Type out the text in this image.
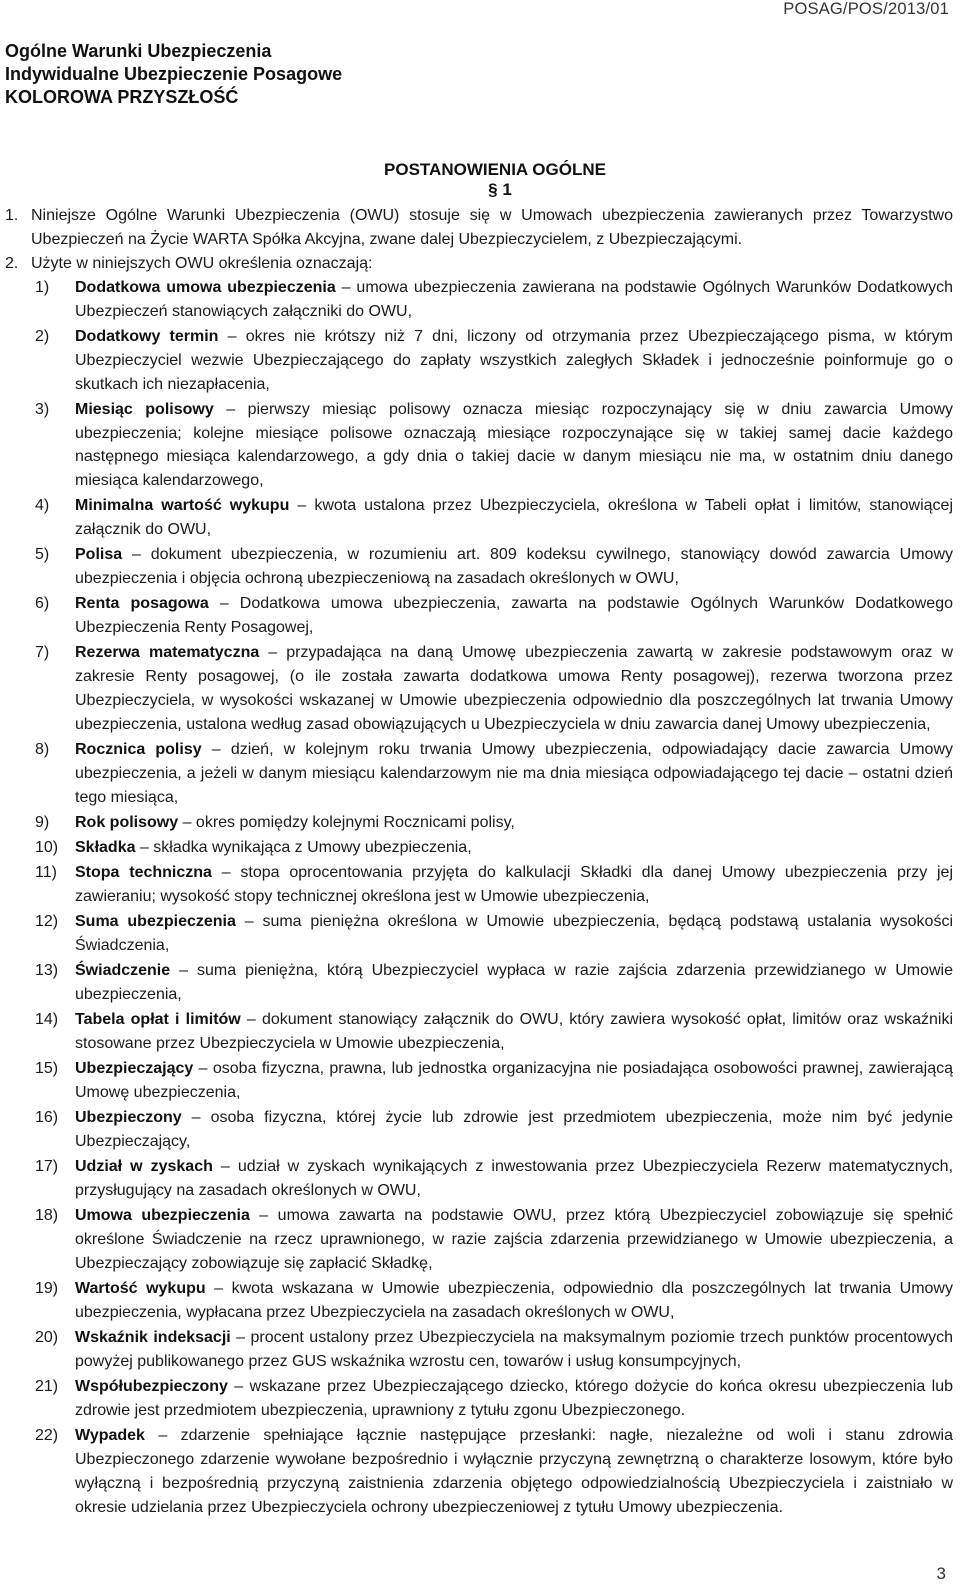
POSAG/POS/2013/01
Ogólne Warunki Ubezpieczenia
Indywidualne Ubezpieczenie Posagowe
KOLOROWA PRZYSZŁOŚĆ
POSTANOWIENIA OGÓLNE
§ 1
1. Niniejsze Ogólne Warunki Ubezpieczenia (OWU) stosuje się w Umowach ubezpieczenia zawieranych przez Towarzystwo Ubezpieczeń na Życie WARTA Spółka Akcyjna, zwane dalej Ubezpieczycielem, z Ubezpieczającymi.
2. Użyte w niniejszych OWU określenia oznaczają:
1) Dodatkowa umowa ubezpieczenia – umowa ubezpieczenia zawierana na podstawie Ogólnych Warunków Dodatkowych Ubezpieczeń stanowiących załączniki do OWU,
2) Dodatkowy termin – okres nie krótszy niż 7 dni, liczony od otrzymania przez Ubezpieczającego pisma, w którym Ubezpieczyciel wezwie Ubezpieczającego do zapłaty wszystkich zaległych Składek i jednocześnie poinformuje go o skutkach ich niezapłacenia,
3) Miesiąc polisowy – pierwszy miesiąc polisowy oznacza miesiąc rozpoczynający się w dniu zawarcia Umowy ubezpieczenia; kolejne miesiące polisowe oznaczają miesiące rozpoczynające się w takiej samej dacie każdego następnego miesiąca kalendarzowego, a gdy dnia o takiej dacie w danym miesiącu nie ma, w ostatnim dniu danego miesiąca kalendarzowego,
4) Minimalna wartość wykupu – kwota ustalona przez Ubezpieczyciela, określona w Tabeli opłat i limitów, stanowiącej załącznik do OWU,
5) Polisa – dokument ubezpieczenia, w rozumieniu art. 809 kodeksu cywilnego, stanowiący dowód zawarcia Umowy ubezpieczenia i objęcia ochroną ubezpieczeniową na zasadach określonych w OWU,
6) Renta posagowa – Dodatkowa umowa ubezpieczenia, zawarta na podstawie Ogólnych Warunków Dodatkowego Ubezpieczenia Renty Posagowej,
7) Rezerwa matematyczna – przypadająca na daną Umowę ubezpieczenia zawartą w zakresie podstawowym oraz w zakresie Renty posagowej, (o ile została zawarta dodatkowa umowa Renty posagowej), rezerwa tworzona przez Ubezpieczyciela, w wysokości wskazanej w Umowie ubezpieczenia odpowiednio dla poszczególnych lat trwania Umowy ubezpieczenia, ustalona według zasad obowiązujących u Ubezpieczyciela w dniu zawarcia danej Umowy ubezpieczenia,
8) Rocznica polisy – dzień, w kolejnym roku trwania Umowy ubezpieczenia, odpowiadający dacie zawarcia Umowy ubezpieczenia, a jeżeli w danym miesiącu kalendarzowym nie ma dnia miesiąca odpowiadającego tej dacie – ostatni dzień tego miesiąca,
9) Rok polisowy – okres pomiędzy kolejnymi Rocznicami polisy,
10) Składka – składka wynikająca z Umowy ubezpieczenia,
11) Stopa techniczna – stopa oprocentowania przyjęta do kalkulacji Składki dla danej Umowy ubezpieczenia przy jej zawieraniu; wysokość stopy technicznej określona jest w Umowie ubezpieczenia,
12) Suma ubezpieczenia – suma pieniężna określona w Umowie ubezpieczenia, będącą podstawą ustalania wysokości Świadczenia,
13) Świadczenie – suma pieniężna, którą Ubezpieczyciel wypłaca w razie zajścia zdarzenia przewidzianego w Umowie ubezpieczenia,
14) Tabela opłat i limitów – dokument stanowiący załącznik do OWU, który zawiera wysokość opłat, limitów oraz wskaźniki stosowane przez Ubezpieczyciela w Umowie ubezpieczenia,
15) Ubezpieczający – osoba fizyczna, prawna, lub jednostka organizacyjna nie posiadająca osobowości prawnej, zawierającą Umowę ubezpieczenia,
16) Ubezpieczony – osoba fizyczna, której życie lub zdrowie jest przedmiotem ubezpieczenia, może nim być jedynie Ubezpieczający,
17) Udział w zyskach – udział w zyskach wynikających z inwestowania przez Ubezpieczyciela Rezerw matematycznych, przysługujący na zasadach określonych w OWU,
18) Umowa ubezpieczenia – umowa zawarta na podstawie OWU, przez którą Ubezpieczyciel zobowiązuje się spełnić określone Świadczenie na rzecz uprawnionego, w razie zajścia zdarzenia przewidzianego w Umowie ubezpieczenia, a Ubezpieczający zobowiązuje się zapłacić Składkę,
19) Wartość wykupu – kwota wskazana w Umowie ubezpieczenia, odpowiednio dla poszczególnych lat trwania Umowy ubezpieczenia, wypłacana przez Ubezpieczyciela na zasadach określonych w OWU,
20) Wskaźnik indeksacji – procent ustalony przez Ubezpieczyciela na maksymalnym poziomie trzech punktów procentowych powyżej publikowanego przez GUS wskaźnika wzrostu cen, towarów i usług konsumpcyjnych,
21) Współubezpieczony – wskazane przez Ubezpieczającego dziecko, którego dożycie do końca okresu ubezpieczenia lub zdrowie jest przedmiotem ubezpieczenia, uprawniony z tytułu zgonu Ubezpieczonego.
22) Wypadek – zdarzenie spełniające łącznie następujące przesłanki: nagłe, niezależne od woli i stanu zdrowia Ubezpieczonego zdarzenie wywołane bezpośrednio i wyłącznie przyczyną zewnętrzną o charakterze losowym, które było wyłączną i bezpośrednią przyczyną zaistnienia zdarzenia objętego odpowiedzialnością Ubezpieczyciela i zaistniało w okresie udzielania przez Ubezpieczyciela ochrony ubezpieczeniowej z tytułu Umowy ubezpieczenia.
3
